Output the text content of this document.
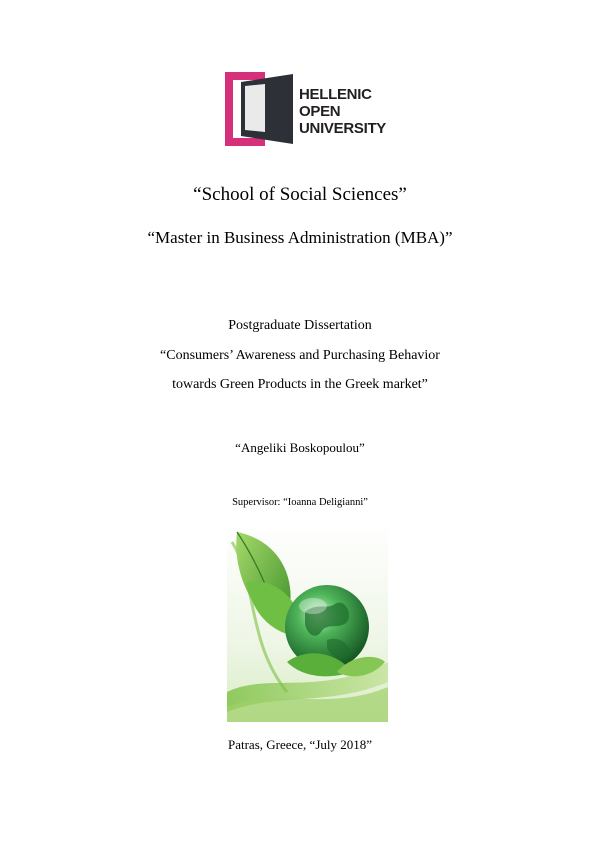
HELLENIC
OPEN
UNIVERSITY
“School of Social Sciences”
“Master in Business Administration (MBA)”
Postgraduate Dissertation
“Consumers’ Awareness and Purchasing Behavior
towards Green Products in the Greek market”
“Angeliki Boskopoulou”
Supervisor: “Ioanna Deligianni”
Patras, Greece, “July 2018”
